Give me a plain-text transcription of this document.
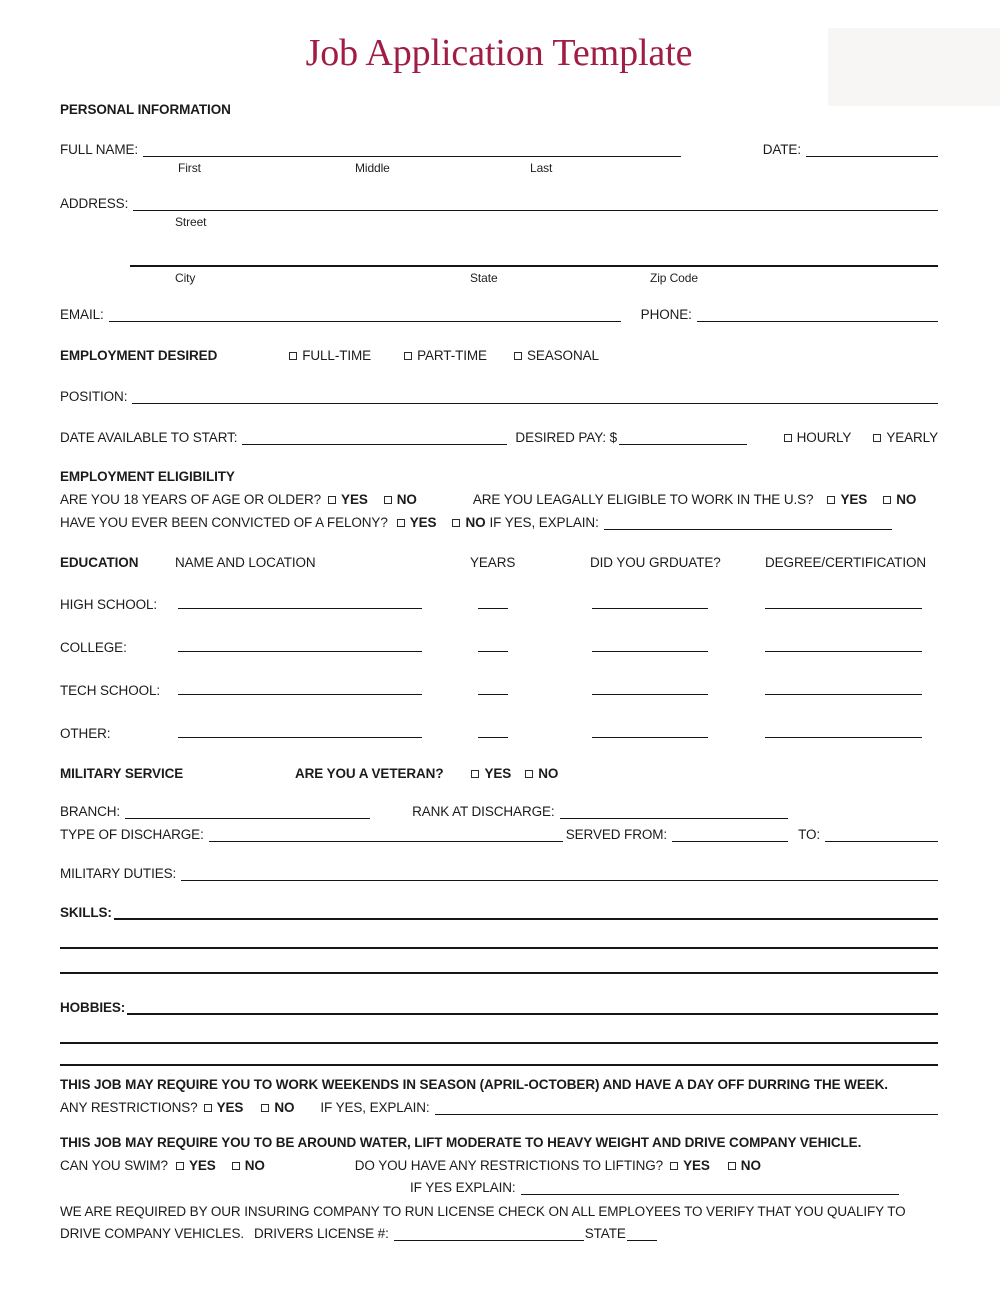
Job Application Template
PERSONAL INFORMATION
FULL NAME:	DATE:
First	Middle	Last
ADDRESS:
Street
City	State	Zip Code
EMAIL:	PHONE:
EMPLOYMENT DESIRED	FULL-TIME	PART-TIME	SEASONAL
POSITION:
DATE AVAILABLE TO START:	DESIRED PAY: $	HOURLY	YEARLY
EMPLOYMENT ELIGIBILITY
ARE YOU 18 YEARS OF AGE OR OLDER? YES NO	ARE YOU LEAGALLY ELIGIBLE TO WORK IN THE U.S? YES NO
HAVE YOU EVER BEEN CONVICTED OF A FELONY? YES NO IF YES, EXPLAIN:
EDUCATION	NAME AND LOCATION	YEARS	DID YOU GRDUATE?	DEGREE/CERTIFICATION
HIGH SCHOOL:
COLLEGE:
TECH SCHOOL:
OTHER:
MILITARY SERVICE	ARE YOU A VETERAN?	YES NO
BRANCH:	RANK AT DISCHARGE:
TYPE OF DISCHARGE:	SERVED FROM:	TO:
MILITARY DUTIES:
SKILLS:
HOBBIES:
THIS JOB MAY REQUIRE YOU TO WORK WEEKENDS IN SEASON (APRIL-OCTOBER) AND HAVE A DAY OFF DURRING THE WEEK.
ANY RESTRICTIONS? YES NO IF YES, EXPLAIN:
THIS JOB MAY REQUIRE YOU TO BE AROUND WATER, LIFT MODERATE TO HEAVY WEIGHT AND DRIVE COMPANY VEHICLE.
CAN YOU SWIM? YES NO	DO YOU HAVE ANY RESTRICTIONS TO LIFTING? YES NO
IF YES EXPLAIN:
WE ARE REQUIRED BY OUR INSURING COMPANY TO RUN LICENSE CHECK ON ALL EMPLOYEES TO VERIFY THAT YOU QUALIFY TO
DRIVE COMPANY VEHICLES. DRIVERS LICENSE #:	STATE
